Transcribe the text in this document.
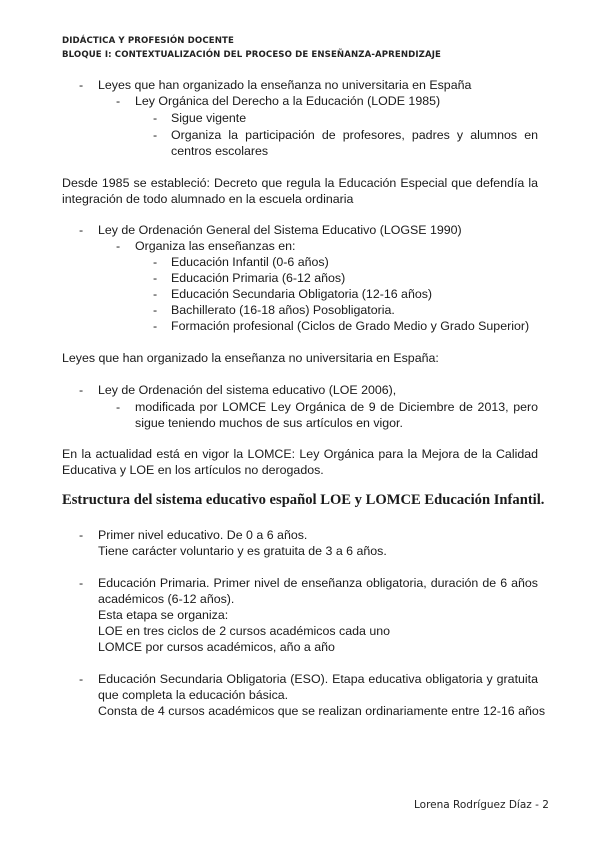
DIDÁCTICA Y PROFESIÓN DOCENTE
BLOQUE I: CONTEXTUALIZACIÓN DEL PROCESO DE ENSEÑANZA-APRENDIZAJE
- Leyes que han organizado la enseñanza no universitaria en España
- Ley Orgánica del Derecho a la Educación (LODE 1985)
- Sigue vigente
- Organiza la participación de profesores, padres y alumnos en centros escolares
Desde 1985 se estableció: Decreto que regula la Educación Especial que defendía la integración de todo alumnado en la escuela ordinaria
- Ley de Ordenación General del Sistema Educativo (LOGSE 1990)
- Organiza las enseñanzas en:
- Educación Infantil (0-6 años)
- Educación Primaria (6-12 años)
- Educación Secundaria Obligatoria (12-16 años)
- Bachillerato (16-18 años) Posobligatoria.
- Formación profesional (Ciclos de Grado Medio y Grado Superior)
Leyes que han organizado la enseñanza no universitaria en España:
- Ley de Ordenación del sistema educativo (LOE 2006),
- modificada por LOMCE Ley Orgánica de 9 de Diciembre de 2013, pero sigue teniendo muchos de sus artículos en vigor.
En la actualidad está en vigor la LOMCE: Ley Orgánica para la Mejora de la Calidad Educativa y LOE en los artículos no derogados.
Estructura del sistema educativo español LOE y LOMCE Educación Infantil.
- Primer nivel educativo. De 0 a 6 años.
Tiene carácter voluntario y es gratuita de 3 a 6 años.
- Educación Primaria. Primer nivel de enseñanza obligatoria, duración de 6 años académicos (6-12 años).
Esta etapa se organiza:
LOE en tres ciclos de 2 cursos académicos cada uno
LOMCE por cursos académicos, año a año
- Educación Secundaria Obligatoria (ESO). Etapa educativa obligatoria y gratuita que completa la educación básica.
Consta de 4 cursos académicos que se realizan ordinariamente entre 12-16 años
Lorena Rodríguez Díaz - 2
